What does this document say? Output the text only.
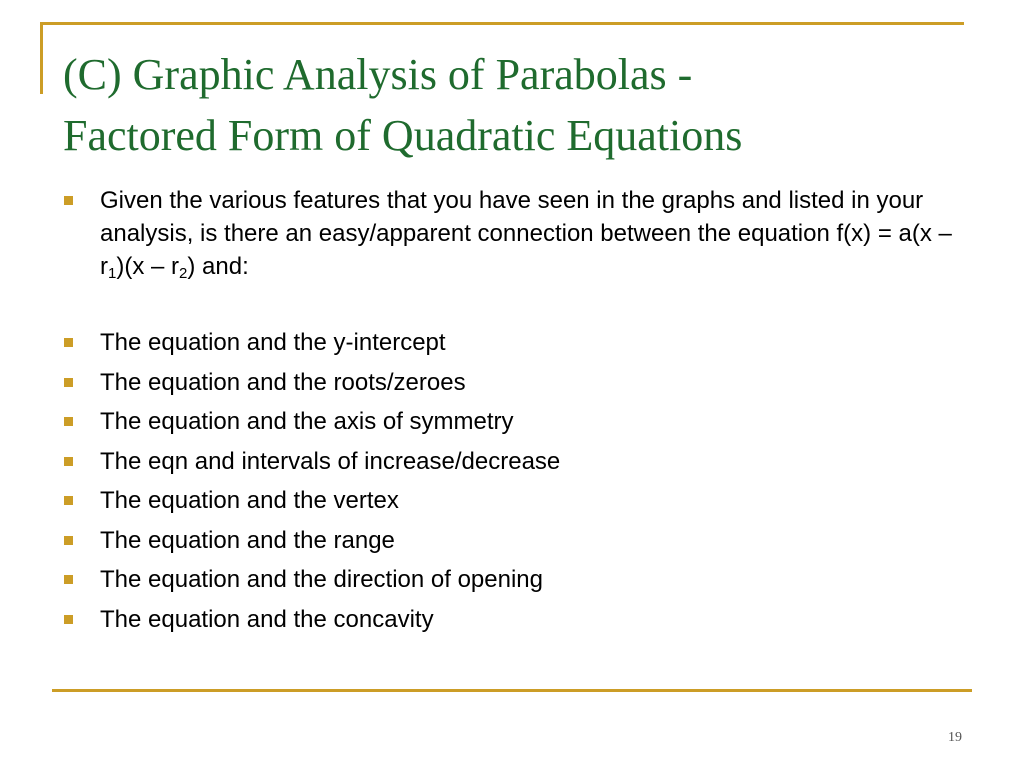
(C) Graphic Analysis of Parabolas -
Factored Form of Quadratic Equations
Given the various features that you have seen in the graphs and listed in your analysis, is there an easy/apparent connection between the equation $f(x) = a(x - r_1)(x - r_2)$ and:
The equation and the y-intercept
The equation and the roots/zeroes
The equation and the axis of symmetry
The eqn and intervals of increase/decrease
The equation and the vertex
The equation and the range
The equation and the direction of opening
The equation and the concavity
19
